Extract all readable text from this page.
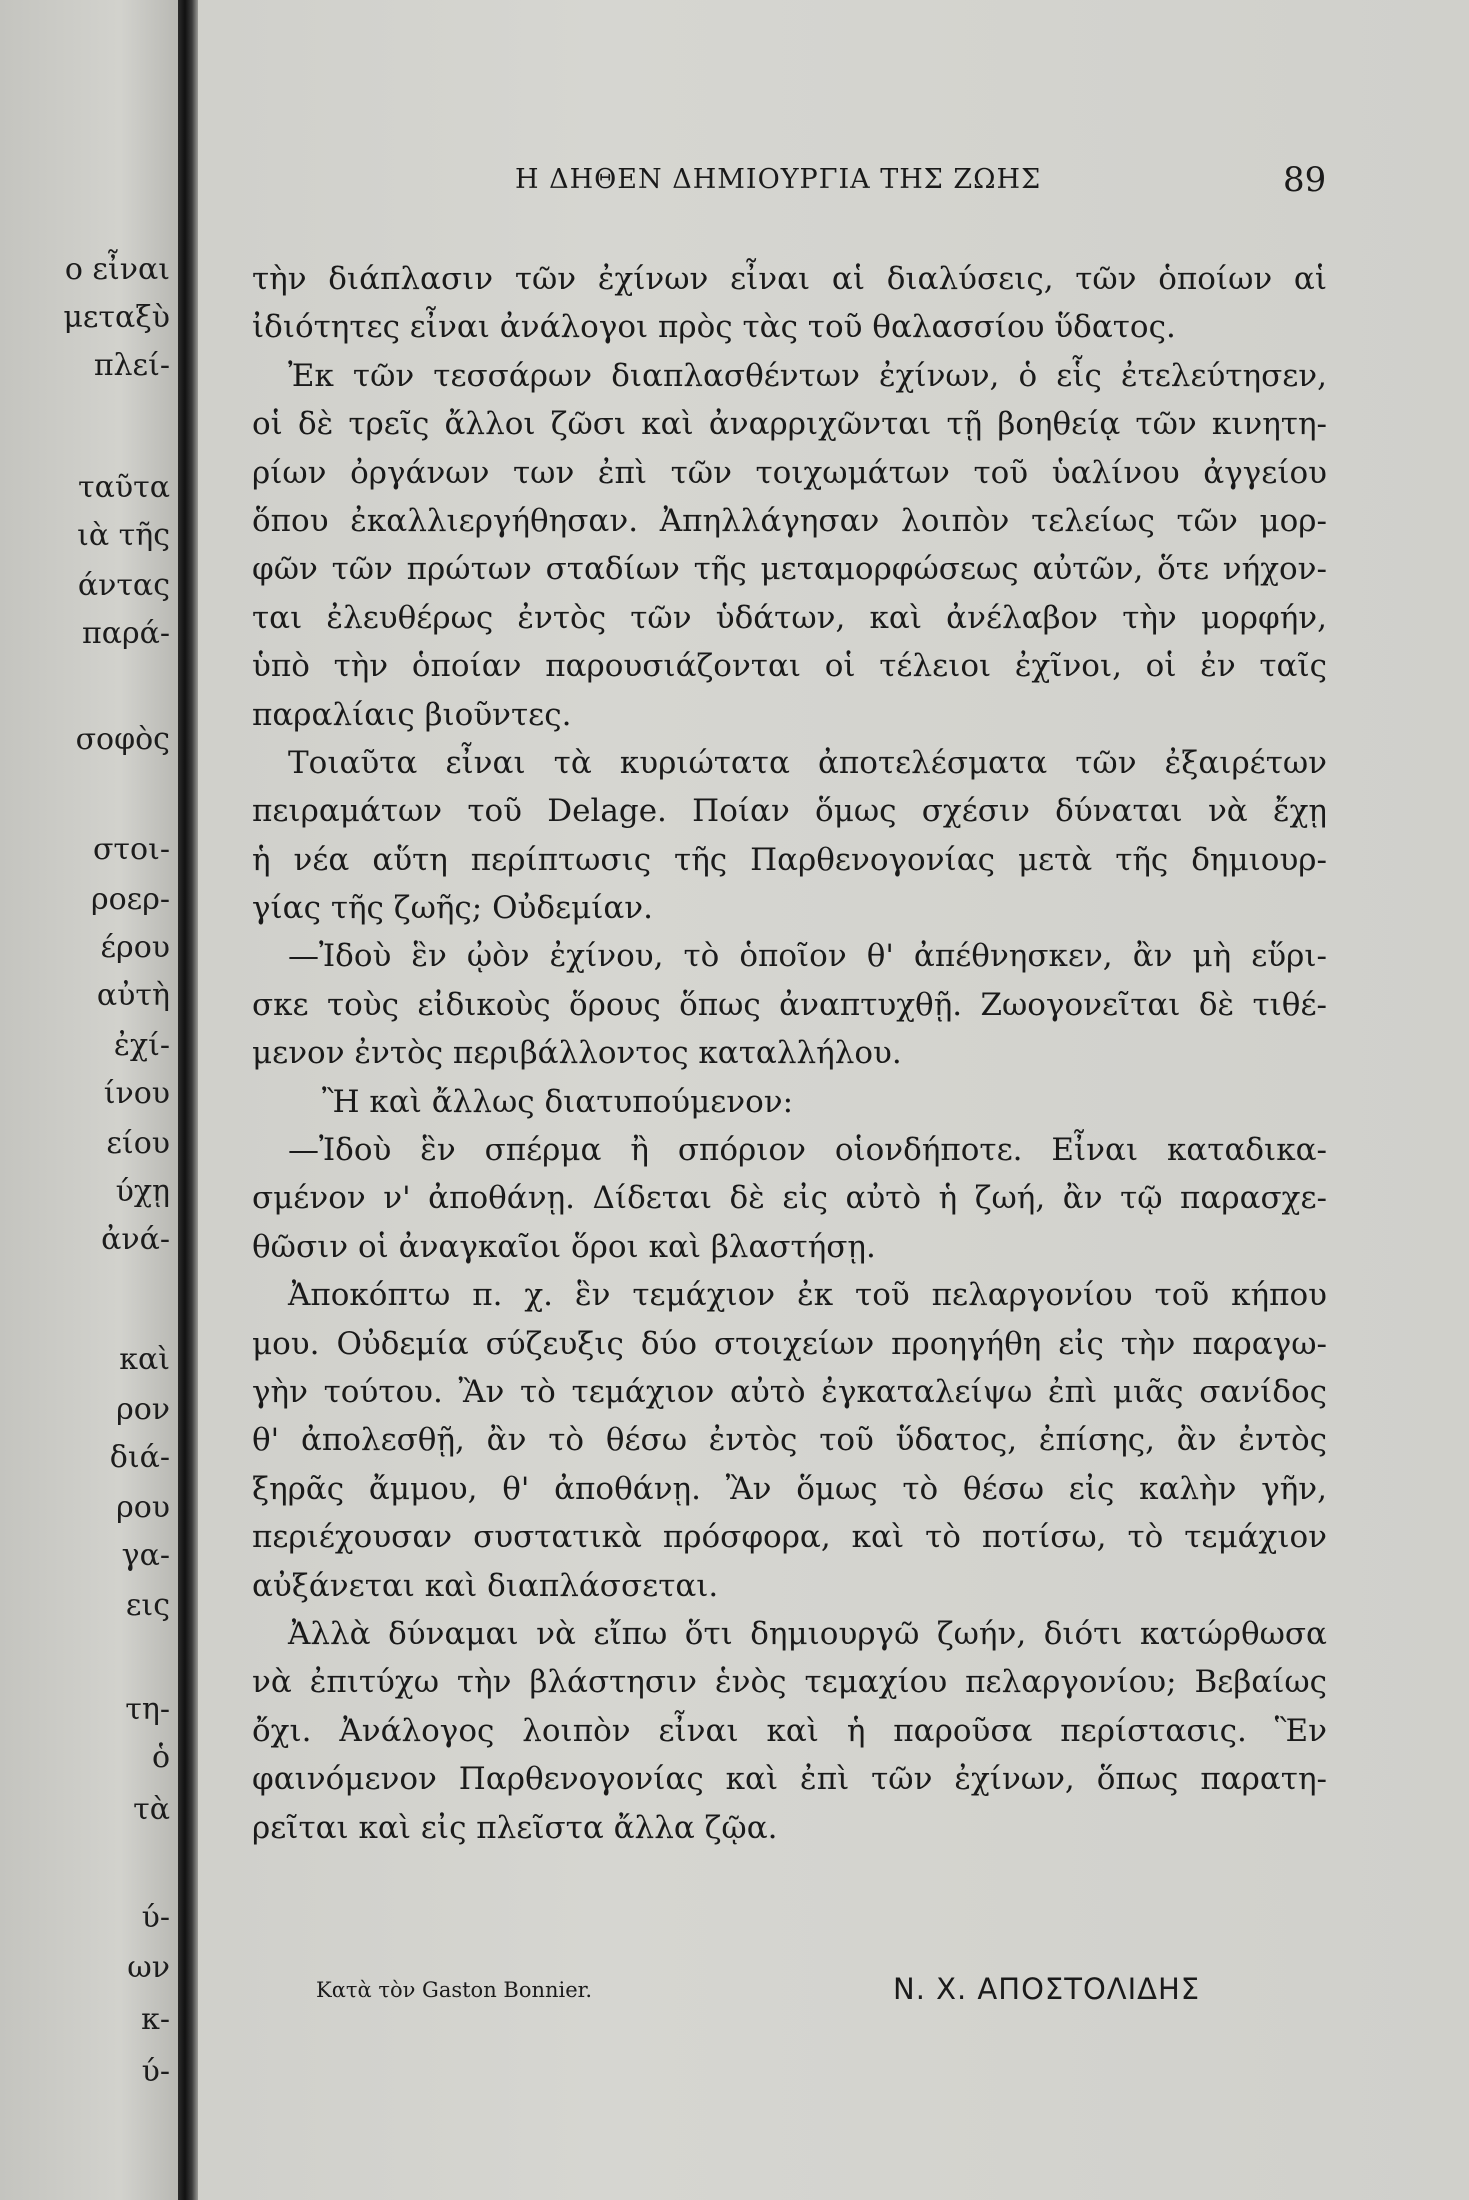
ο εἶναι
μεταξὺ
πλεί-
ταῦτα
ιὰ τῆς
άντας
παρά-
σοφὸς
στοι-
ροερ-
έρου
αὐτὴ
ἐχί-
ίνου
είου
ύχῃ
ἀνά-
καὶ
ρον
διά-
ρου
γα-
εις
τη-
ὁ
τὰ
ύ-
ων
κ-
ύ-
Η ΔΗΘΕΝ ΔΗΜΙΟΥΡΓΙΑ ΤΗΣ ΖΩΗΣ	89
τὴν διάπλασιν τῶν ἐχίνων εἶναι αἱ διαλύσεις, τῶν ὁποίων αἱ
ἰδιότητες εἶναι ἀνάλογοι πρὸς τὰς τοῦ θαλασσίου ὕδατος.
Ἐκ τῶν τεσσάρων διαπλασθέντων ἐχίνων, ὁ εἷς ἐτελεύτησεν,
οἱ δὲ τρεῖς ἄλλοι ζῶσι καὶ ἀναρριχῶνται τῇ βοηθείᾳ τῶν κινητη-
ρίων ὀργάνων των ἐπὶ τῶν τοιχωμάτων τοῦ ὑαλίνου ἀγγείου
ὅπου ἐκαλλιεργήθησαν. Ἀπηλλάγησαν λοιπὸν τελείως τῶν μορ-
φῶν τῶν πρώτων σταδίων τῆς μεταμορφώσεως αὐτῶν, ὅτε νήχον-
ται ἐλευθέρως ἐντὸς τῶν ὑδάτων, καὶ ἀνέλαβον τὴν μορφήν,
ὑπὸ τὴν ὁποίαν παρουσιάζονται οἱ τέλειοι ἐχῖνοι, οἱ ἐν ταῖς
παραλίαις βιοῦντες.
Τοιαῦτα εἶναι τὰ κυριώτατα ἀποτελέσματα τῶν ἐξαιρέτων
πειραμάτων τοῦ Delage. Ποίαν ὅμως σχέσιν δύναται νὰ ἔχῃ
ἡ νέα αὕτη περίπτωσις τῆς Παρθενογονίας μετὰ τῆς δημιουρ-
γίας τῆς ζωῆς; Οὐδεμίαν.
—Ἰδοὺ ἓν ᾠὸν ἐχίνου, τὸ ὁποῖον θ' ἀπέθνησκεν, ἂν μὴ εὕρι-
σκε τοὺς εἰδικοὺς ὅρους ὅπως ἀναπτυχθῇ. Ζωογονεῖται δὲ τιθέ-
μενον ἐντὸς περιβάλλοντος καταλλήλου.
Ἢ καὶ ἄλλως διατυπούμενον:
—Ἰδοὺ ἓν σπέρμα ἢ σπόριον οἱονδήποτε. Εἶναι καταδικα-
σμένον ν' ἀποθάνῃ. Δίδεται δὲ εἰς αὐτὸ ἡ ζωή, ἂν τῷ παρασχε-
θῶσιν οἱ ἀναγκαῖοι ὅροι καὶ βλαστήσῃ.
Ἀποκόπτω π. χ. ἓν τεμάχιον ἐκ τοῦ πελαργονίου τοῦ κήπου
μου. Οὐδεμία σύζευξις δύο στοιχείων προηγήθη εἰς τὴν παραγω-
γὴν τούτου. Ἂν τὸ τεμάχιον αὐτὸ ἐγκαταλείψω ἐπὶ μιᾶς σανίδος
θ' ἀπολεσθῇ, ἂν τὸ θέσω ἐντὸς τοῦ ὕδατος, ἐπίσης, ἂν ἐντὸς
ξηρᾶς ἄμμου, θ' ἀποθάνῃ. Ἂν ὅμως τὸ θέσω εἰς καλὴν γῆν,
περιέχουσαν συστατικὰ πρόσφορα, καὶ τὸ ποτίσω, τὸ τεμάχιον
αὐξάνεται καὶ διαπλάσσεται.
Ἀλλὰ δύναμαι νὰ εἴπω ὅτι δημιουργῶ ζωήν, διότι κατώρθωσα
νὰ ἐπιτύχω τὴν βλάστησιν ἑνὸς τεμαχίου πελαργονίου; Βεβαίως
ὄχι. Ἀνάλογος λοιπὸν εἶναι καὶ ἡ παροῦσα περίστασις. Ἓν
φαινόμενον Παρθενογονίας καὶ ἐπὶ τῶν ἐχίνων, ὅπως παρατη-
ρεῖται καὶ εἰς πλεῖστα ἄλλα ζῷα.
Κατὰ τὸν Gaston Bonnier.	Ν. Χ. ΑΠΟΣΤΟΛΙΔΗΣ
